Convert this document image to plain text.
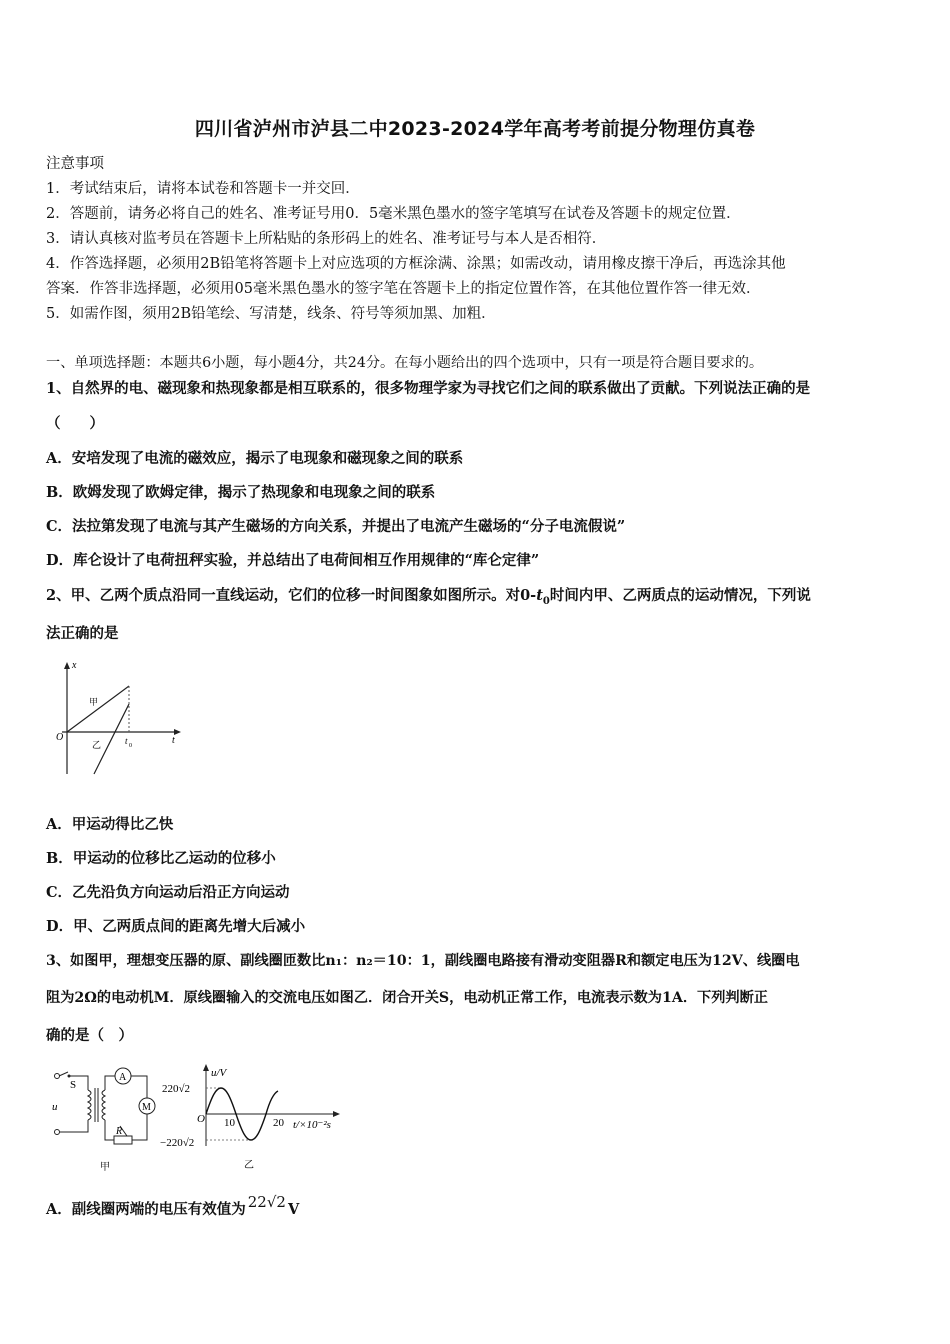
四川省泸州市泸县二中2023-2024学年高考考前提分物理仿真卷
注意事项
1．考试结束后，请将本试卷和答题卡一并交回．
2．答题前，请务必将自己的姓名、准考证号用0．5毫米黑色墨水的签字笔填写在试卷及答题卡的规定位置．
3．请认真核对监考员在答题卡上所粘贴的条形码上的姓名、准考证号与本人是否相符．
4．作答选择题，必须用2B铅笔将答题卡上对应选项的方框涂满、涂黑；如需改动，请用橡皮擦干净后，再选涂其他
答案．作答非选择题，必须用05毫米黑色墨水的签字笔在答题卡上的指定位置作答，在其他位置作答一律无效．
5．如需作图，须用2B铅笔绘、写清楚，线条、符号等须加黑、加粗．
一、单项选择题：本题共6小题，每小题4分，共24分。在每小题给出的四个选项中，只有一项是符合题目要求的。
1、自然界的电、磁现象和热现象都是相互联系的，很多物理学家为寻找它们之间的联系做出了贡献。下列说法正确的是
（　　）
A．安培发现了电流的磁效应，揭示了电现象和磁现象之间的联系
B．欧姆发现了欧姆定律，揭示了热现象和电现象之间的联系
C．法拉第发现了电流与其产生磁场的方向关系，并提出了电流产生磁场的“分子电流假说”
D．库仑设计了电荷扭秤实验，并总结出了电荷间相互作用规律的“库仑定律”
2、甲、乙两个质点沿同一直线运动，它们的位移一时间图象如图所示。对$0-t_0$时间内甲、乙两质点的运动情况，下列说
法正确的是
x
t
O
甲
乙	t 0
A．甲运动得比乙快
B．甲运动的位移比乙运动的位移小
C．乙先沿负方向运动后沿正方向运动
D．甲、乙两质点间的距离先增大后减小
3、如图甲，理想变压器的原、副线圈匝数比n₁：n₂＝10：1，副线圈电路接有滑动变阻器R和额定电压为12V、线圈电
阻为2Ω的电动机M．原线圈输入的交流电压如图乙．闭合开关S，电动机正常工作，电流表示数为1A．下列判断正
确的是（　）
u
S
A
M
R
甲
u/V
220√2
−220√2
O 10	20 t/×10⁻²s
乙
A．副线圈两端的电压有效值为 22√2 V
